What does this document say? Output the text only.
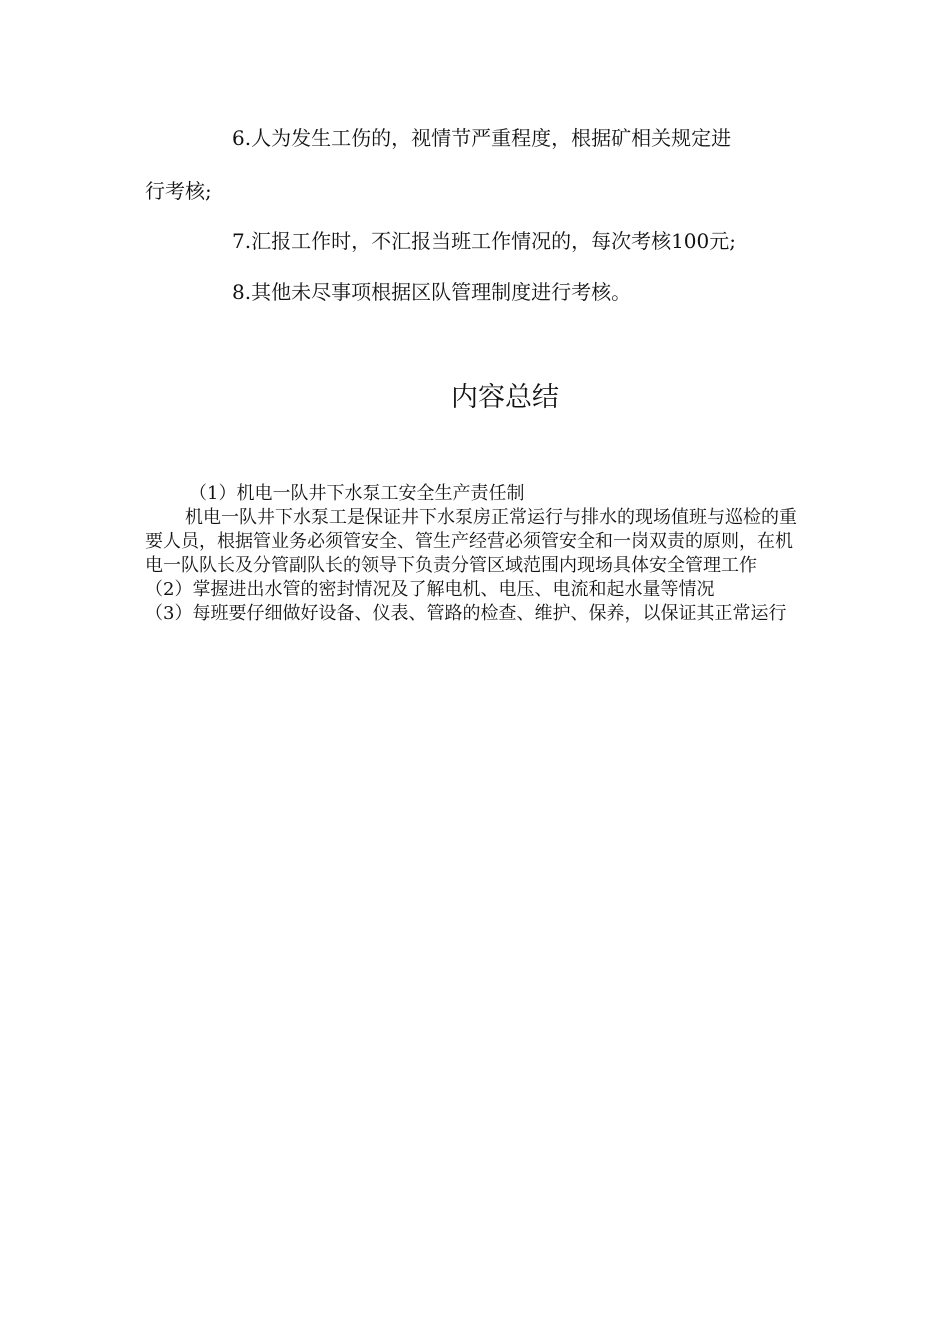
6.人为发生工伤的，视情节严重程度，根据矿相关规定进

行考核;

7.汇报工作时，不汇报当班工作情况的，每次考核100元;

8.其他未尽事项根据区队管理制度进行考核。

内容总结

（1）机电一队井下水泵工安全生产责任制

机电一队井下水泵工是保证井下水泵房正常运行与排水的现场值班与巡检的重要人员，根据管业务必须管安全、管生产经营必须管安全和一岗双责的原则，在机电一队队长及分管副队长的领导下负责分管区域范围内现场具体安全管理工作

（2）掌握进出水管的密封情况及了解电机、电压、电流和起水量等情况

（3）每班要仔细做好设备、仪表、管路的检查、维护、保养，以保证其正常运行
